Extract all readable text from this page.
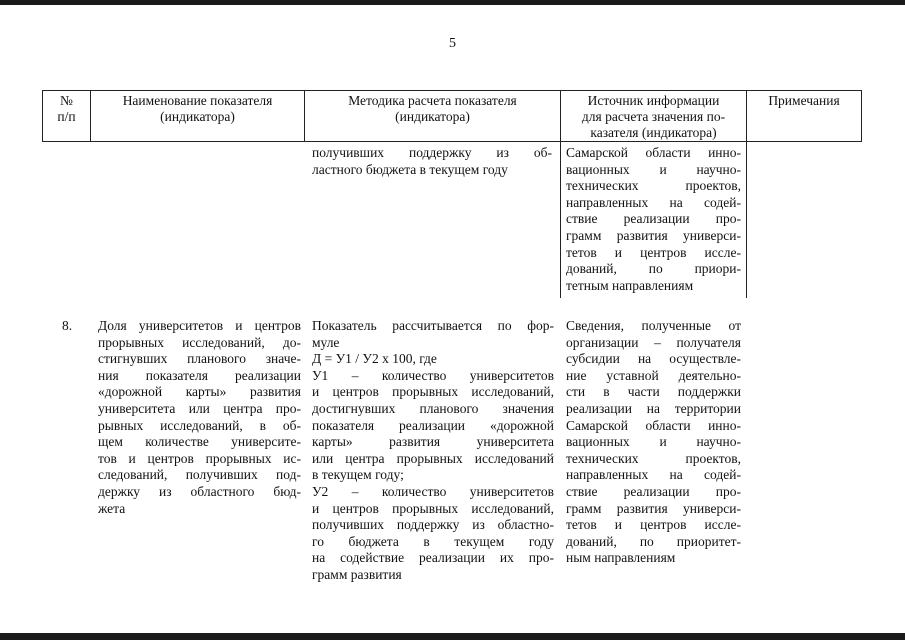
5
№
п/п
Наименование показателя
(индикатора)
Методика расчета показателя
(индикатора)
Источник информации
для расчета значения по-
казателя (индикатора)
Примечания
получивших поддержку из об-
ластного бюджета в текущем году
Самарской области инно-
вационных и научно-
технических проектов,
направленных на содей-
ствие реализации про-
грамм развития универси-
тетов и центров иссле-
дований, по приори-
тетным направлениям
8.	Доля университетов и центров
прорывных исследований, до-
стигнувших планового значе-
ния показателя реализации
«дорожной карты» развития
университета или центра про-
рывных исследований, в об-
щем количестве университе-
тов и центров прорывных ис-
следований, получивших под-
держку из областного бюд-
жета
Показатель рассчитывается по фор-
муле
Д = У1 / У2 х 100, где
У1 – количество университетов
и центров прорывных исследований,
достигнувших планового значения
показателя реализации «дорожной
карты» развития университета
или центра прорывных исследований
в текущем году;
У2 – количество университетов
и центров прорывных исследований,
получивших поддержку из областно-
го бюджета в текущем году
на содействие реализации их про-
грамм развития
Сведения, полученные от
организации – получателя
субсидии на осуществле-
ние уставной деятельно-
сти в части поддержки
реализации на территории
Самарской области инно-
вационных и научно-
технических проектов,
направленных на содей-
ствие реализации про-
грамм развития универси-
тетов и центров иссле-
дований, по приоритет-
ным направлениям
